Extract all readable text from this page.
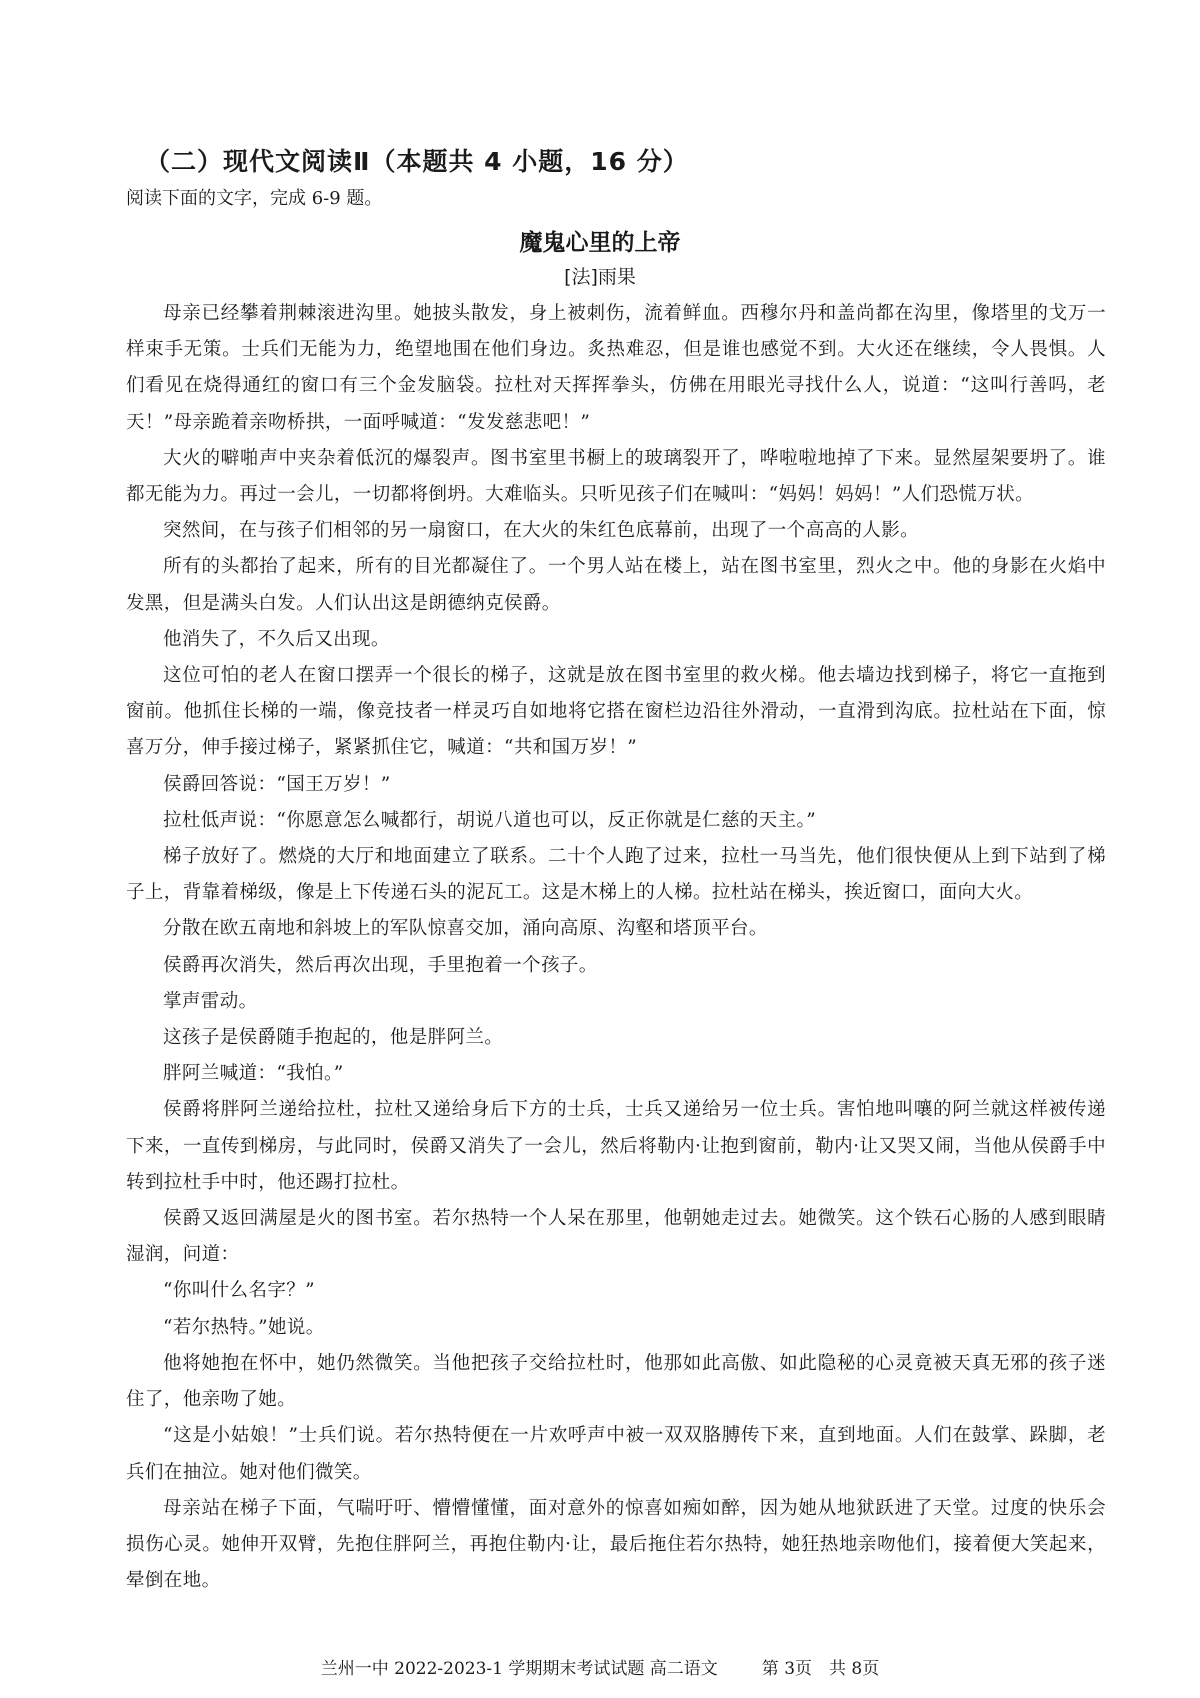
（二）现代文阅读Ⅱ（本题共 4 小题，16 分）
阅读下面的文字，完成 6-9 题。
魔鬼心里的上帝
[法]雨果

母亲已经攀着荆棘滚进沟里。她披头散发，身上被刺伤，流着鲜血。西穆尔丹和盖尚都在沟里，像塔里的戈万一样束手无策。士兵们无能为力，绝望地围在他们身边。炙热难忍，但是谁也感觉不到。大火还在继续，令人畏惧。人们看见在烧得通红的窗口有三个金发脑袋。拉杜对天挥挥拳头，仿佛在用眼光寻找什么人，说道：“这叫行善吗，老天！”母亲跪着亲吻桥拱，一面呼喊道：“发发慈悲吧！”

大火的噼啪声中夹杂着低沉的爆裂声。图书室里书橱上的玻璃裂开了，哗啦啦地掉了下来。显然屋架要坍了。谁都无能为力。再过一会儿，一切都将倒坍。大难临头。只听见孩子们在喊叫：“妈妈！妈妈！”人们恐慌万状。

突然间，在与孩子们相邻的另一扇窗口，在大火的朱红色底幕前，出现了一个高高的人影。

所有的头都抬了起来，所有的目光都凝住了。一个男人站在楼上，站在图书室里，烈火之中。他的身影在火焰中发黑，但是满头白发。人们认出这是朗德纳克侯爵。

他消失了，不久后又出现。

这位可怕的老人在窗口摆弄一个很长的梯子，这就是放在图书室里的救火梯。他去墙边找到梯子，将它一直拖到窗前。他抓住长梯的一端，像竞技者一样灵巧自如地将它搭在窗栏边沿往外滑动，一直滑到沟底。拉杜站在下面，惊喜万分，伸手接过梯子，紧紧抓住它，喊道：“共和国万岁！”

侯爵回答说：“国王万岁！”

拉杜低声说：“你愿意怎么喊都行，胡说八道也可以，反正你就是仁慈的天主。”

梯子放好了。燃烧的大厅和地面建立了联系。二十个人跑了过来，拉杜一马当先，他们很快便从上到下站到了梯子上，背靠着梯级，像是上下传递石头的泥瓦工。这是木梯上的人梯。拉杜站在梯头，挨近窗口，面向大火。

分散在欧五南地和斜坡上的军队惊喜交加，涌向高原、沟壑和塔顶平台。

侯爵再次消失，然后再次出现，手里抱着一个孩子。

掌声雷动。

这孩子是侯爵随手抱起的，他是胖阿兰。

胖阿兰喊道：“我怕。”

侯爵将胖阿兰递给拉杜，拉杜又递给身后下方的士兵，士兵又递给另一位士兵。害怕地叫嚷的阿兰就这样被传递下来，一直传到梯房，与此同时，侯爵又消失了一会儿，然后将勒内·让抱到窗前，勒内·让又哭又闹，当他从侯爵手中转到拉杜手中时，他还踢打拉杜。

侯爵又返回满屋是火的图书室。若尔热特一个人呆在那里，他朝她走过去。她微笑。这个铁石心肠的人感到眼睛湿润，问道：

“你叫什么名字？”

“若尔热特。”她说。

他将她抱在怀中，她仍然微笑。当他把孩子交给拉杜时，他那如此高傲、如此隐秘的心灵竟被天真无邪的孩子迷住了，他亲吻了她。

“这是小姑娘！”士兵们说。若尔热特便在一片欢呼声中被一双双胳膊传下来，直到地面。人们在鼓掌、跺脚，老兵们在抽泣。她对他们微笑。

母亲站在梯子下面，气喘吁吁、懵懵懂懂，面对意外的惊喜如痴如醉，因为她从地狱跃进了天堂。过度的快乐会损伤心灵。她伸开双臂，先抱住胖阿兰，再抱住勒内·让，最后拖住若尔热特，她狂热地亲吻他们，接着便大笑起来，晕倒在地。

兰州一中 2022-2023-1 学期期末考试试题 高二语文	第 3页　共 8页
